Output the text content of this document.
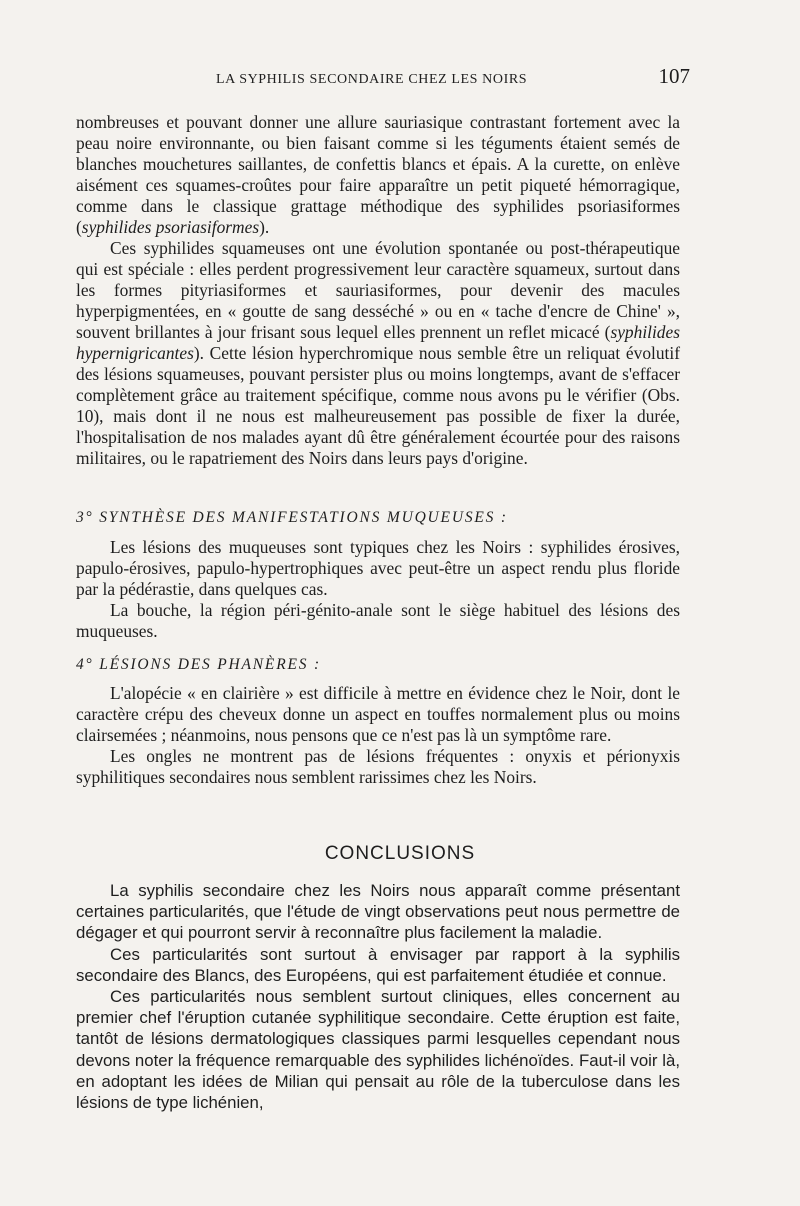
LA SYPHILIS SECONDAIRE CHEZ LES NOIRS	107

nombreuses et pouvant donner une allure sauriasique contrastant fortement avec la peau noire environnante, ou bien faisant comme si les téguments étaient semés de blanches mouchetures saillantes, de confettis blancs et épais. A la curette, on enlève aisément ces squames-croûtes pour faire apparaître un petit piqueté hémorragique, comme dans le classique grattage méthodique des syphilides psoriasiformes (syphilides psoriasiformes).

Ces syphilides squameuses ont une évolution spontanée ou post-thérapeutique qui est spéciale : elles perdent progressivement leur caractère squameux, surtout dans les formes pityriasiformes et sauriasiformes, pour devenir des macules hyperpigmentées, en « goutte de sang desséché » ou en « tache d'encre de Chine' », souvent brillantes à jour frisant sous lequel elles prennent un reflet micacé (syphilides hypernigricantes). Cette lésion hyperchromique nous semble être un reliquat évolutif des lésions squameuses, pouvant persister plus ou moins longtemps, avant de s'effacer complètement grâce au traitement spécifique, comme nous avons pu le vérifier (Obs. 10), mais dont il ne nous est malheureusement pas possible de fixer la durée, l'hospitalisation de nos malades ayant dû être généralement écourtée pour des raisons militaires, ou le rapatriement des Noirs dans leurs pays d'origine.

3° SYNTHÈSE DES MANIFESTATIONS MUQUEUSES :

Les lésions des muqueuses sont typiques chez les Noirs : syphilides érosives, papulo-érosives, papulo-hypertrophiques avec peut-être un aspect rendu plus floride par la pédérastie, dans quelques cas.

La bouche, la région péri-génito-anale sont le siège habituel des lésions des muqueuses.

4° LÉSIONS DES PHANÈRES :

L'alopécie « en clairière » est difficile à mettre en évidence chez le Noir, dont le caractère crépu des cheveux donne un aspect en touffes normalement plus ou moins clairsemées ; néanmoins, nous pensons que ce n'est pas là un symptôme rare.

Les ongles ne montrent pas de lésions fréquentes : onyxis et périonyxis syphilitiques secondaires nous semblent rarissimes chez les Noirs.

CONCLUSIONS

La syphilis secondaire chez les Noirs nous apparaît comme présentant certaines particularités, que l'étude de vingt observations peut nous permettre de dégager et qui pourront servir à reconnaître plus facilement la maladie.

Ces particularités sont surtout à envisager par rapport à la syphilis secondaire des Blancs, des Européens, qui est parfaitement étudiée et connue.

Ces particularités nous semblent surtout cliniques, elles concernent au premier chef l'éruption cutanée syphilitique secondaire. Cette éruption est faite, tantôt de lésions dermatologiques classiques parmi lesquelles cependant nous devons noter la fréquence remarquable des syphilides lichénoïdes. Faut-il voir là, en adoptant les idées de Milian qui pensait au rôle de la tuberculose dans les lésions de type lichénien,
